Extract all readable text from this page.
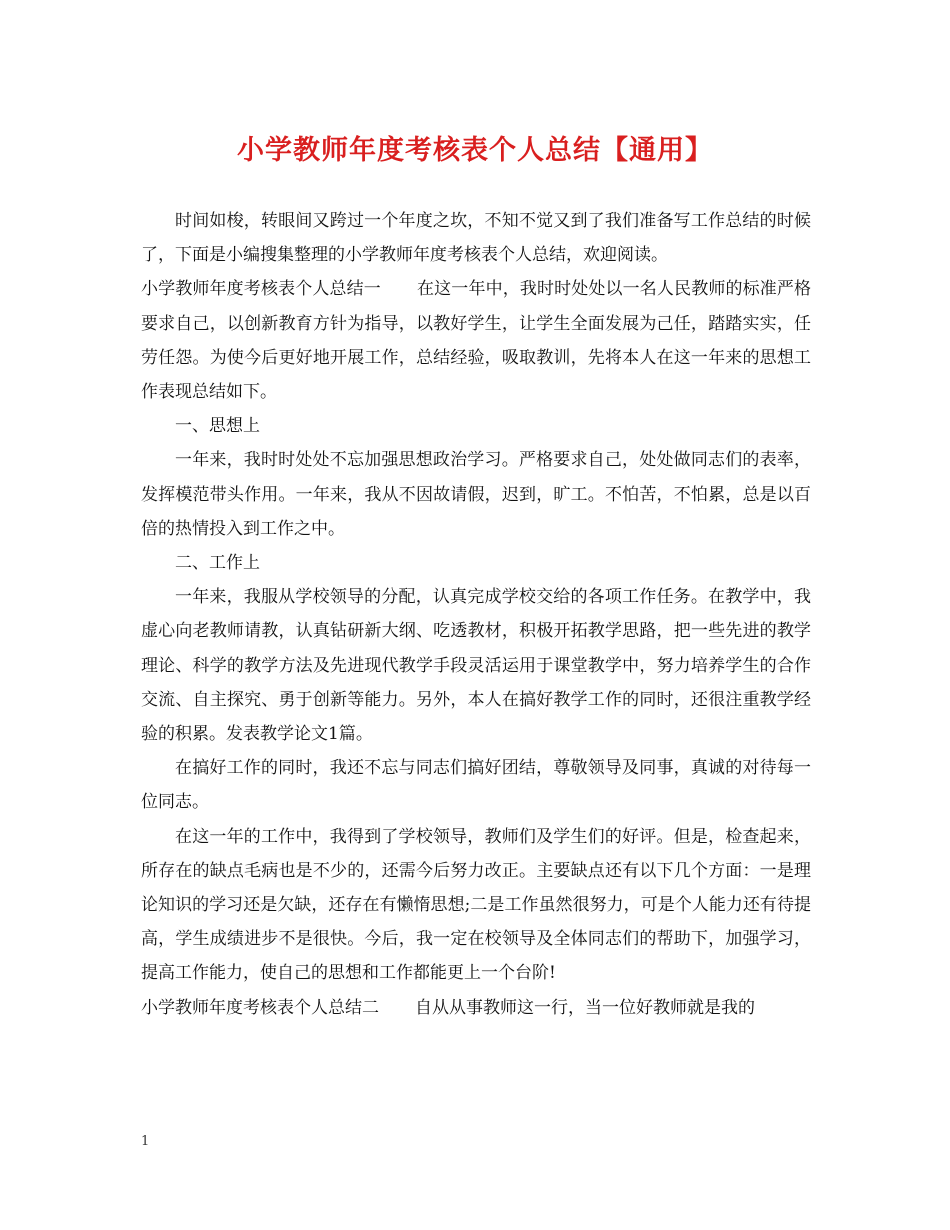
小学教师年度考核表个人总结【通用】

时间如梭，转眼间又跨过一个年度之坎，不知不觉又到了我们准备写工作总结的时候了，下面是小编搜集整理的小学教师年度考核表个人总结，欢迎阅读。

小学教师年度考核表个人总结一 在这一年中，我时时处处以一名人民教师的标准严格要求自己，以创新教育方针为指导，以教好学生，让学生全面发展为己任，踏踏实实，任劳任怨。为使今后更好地开展工作，总结经验，吸取教训，先将本人在这一年来的思想工作表现总结如下。

一、思想上

一年来，我时时处处不忘加强思想政治学习。严格要求自己，处处做同志们的表率，发挥模范带头作用。一年来，我从不因故请假，迟到，旷工。不怕苦，不怕累，总是以百倍的热情投入到工作之中。

二、工作上

一年来，我服从学校领导的分配，认真完成学校交给的各项工作任务。在教学中，我虚心向老教师请教，认真钻研新大纲、吃透教材，积极开拓教学思路，把一些先进的教学理论、科学的教学方法及先进现代教学手段灵活运用于课堂教学中，努力培养学生的合作交流、自主探究、勇于创新等能力。另外，本人在搞好教学工作的同时，还很注重教学经验的积累。发表教学论文1篇。

在搞好工作的同时，我还不忘与同志们搞好团结，尊敬领导及同事，真诚的对待每一位同志。

在这一年的工作中，我得到了学校领导，教师们及学生们的好评。但是，检查起来，所存在的缺点毛病也是不少的，还需今后努力改正。主要缺点还有以下几个方面：一是理论知识的学习还是欠缺，还存在有懒惰思想;二是工作虽然很努力，可是个人能力还有待提高，学生成绩进步不是很快。今后，我一定在校领导及全体同志们的帮助下，加强学习，提高工作能力，使自己的思想和工作都能更上一个台阶!

小学教师年度考核表个人总结二 自从从事教师这一行，当一位好教师就是我的

1
